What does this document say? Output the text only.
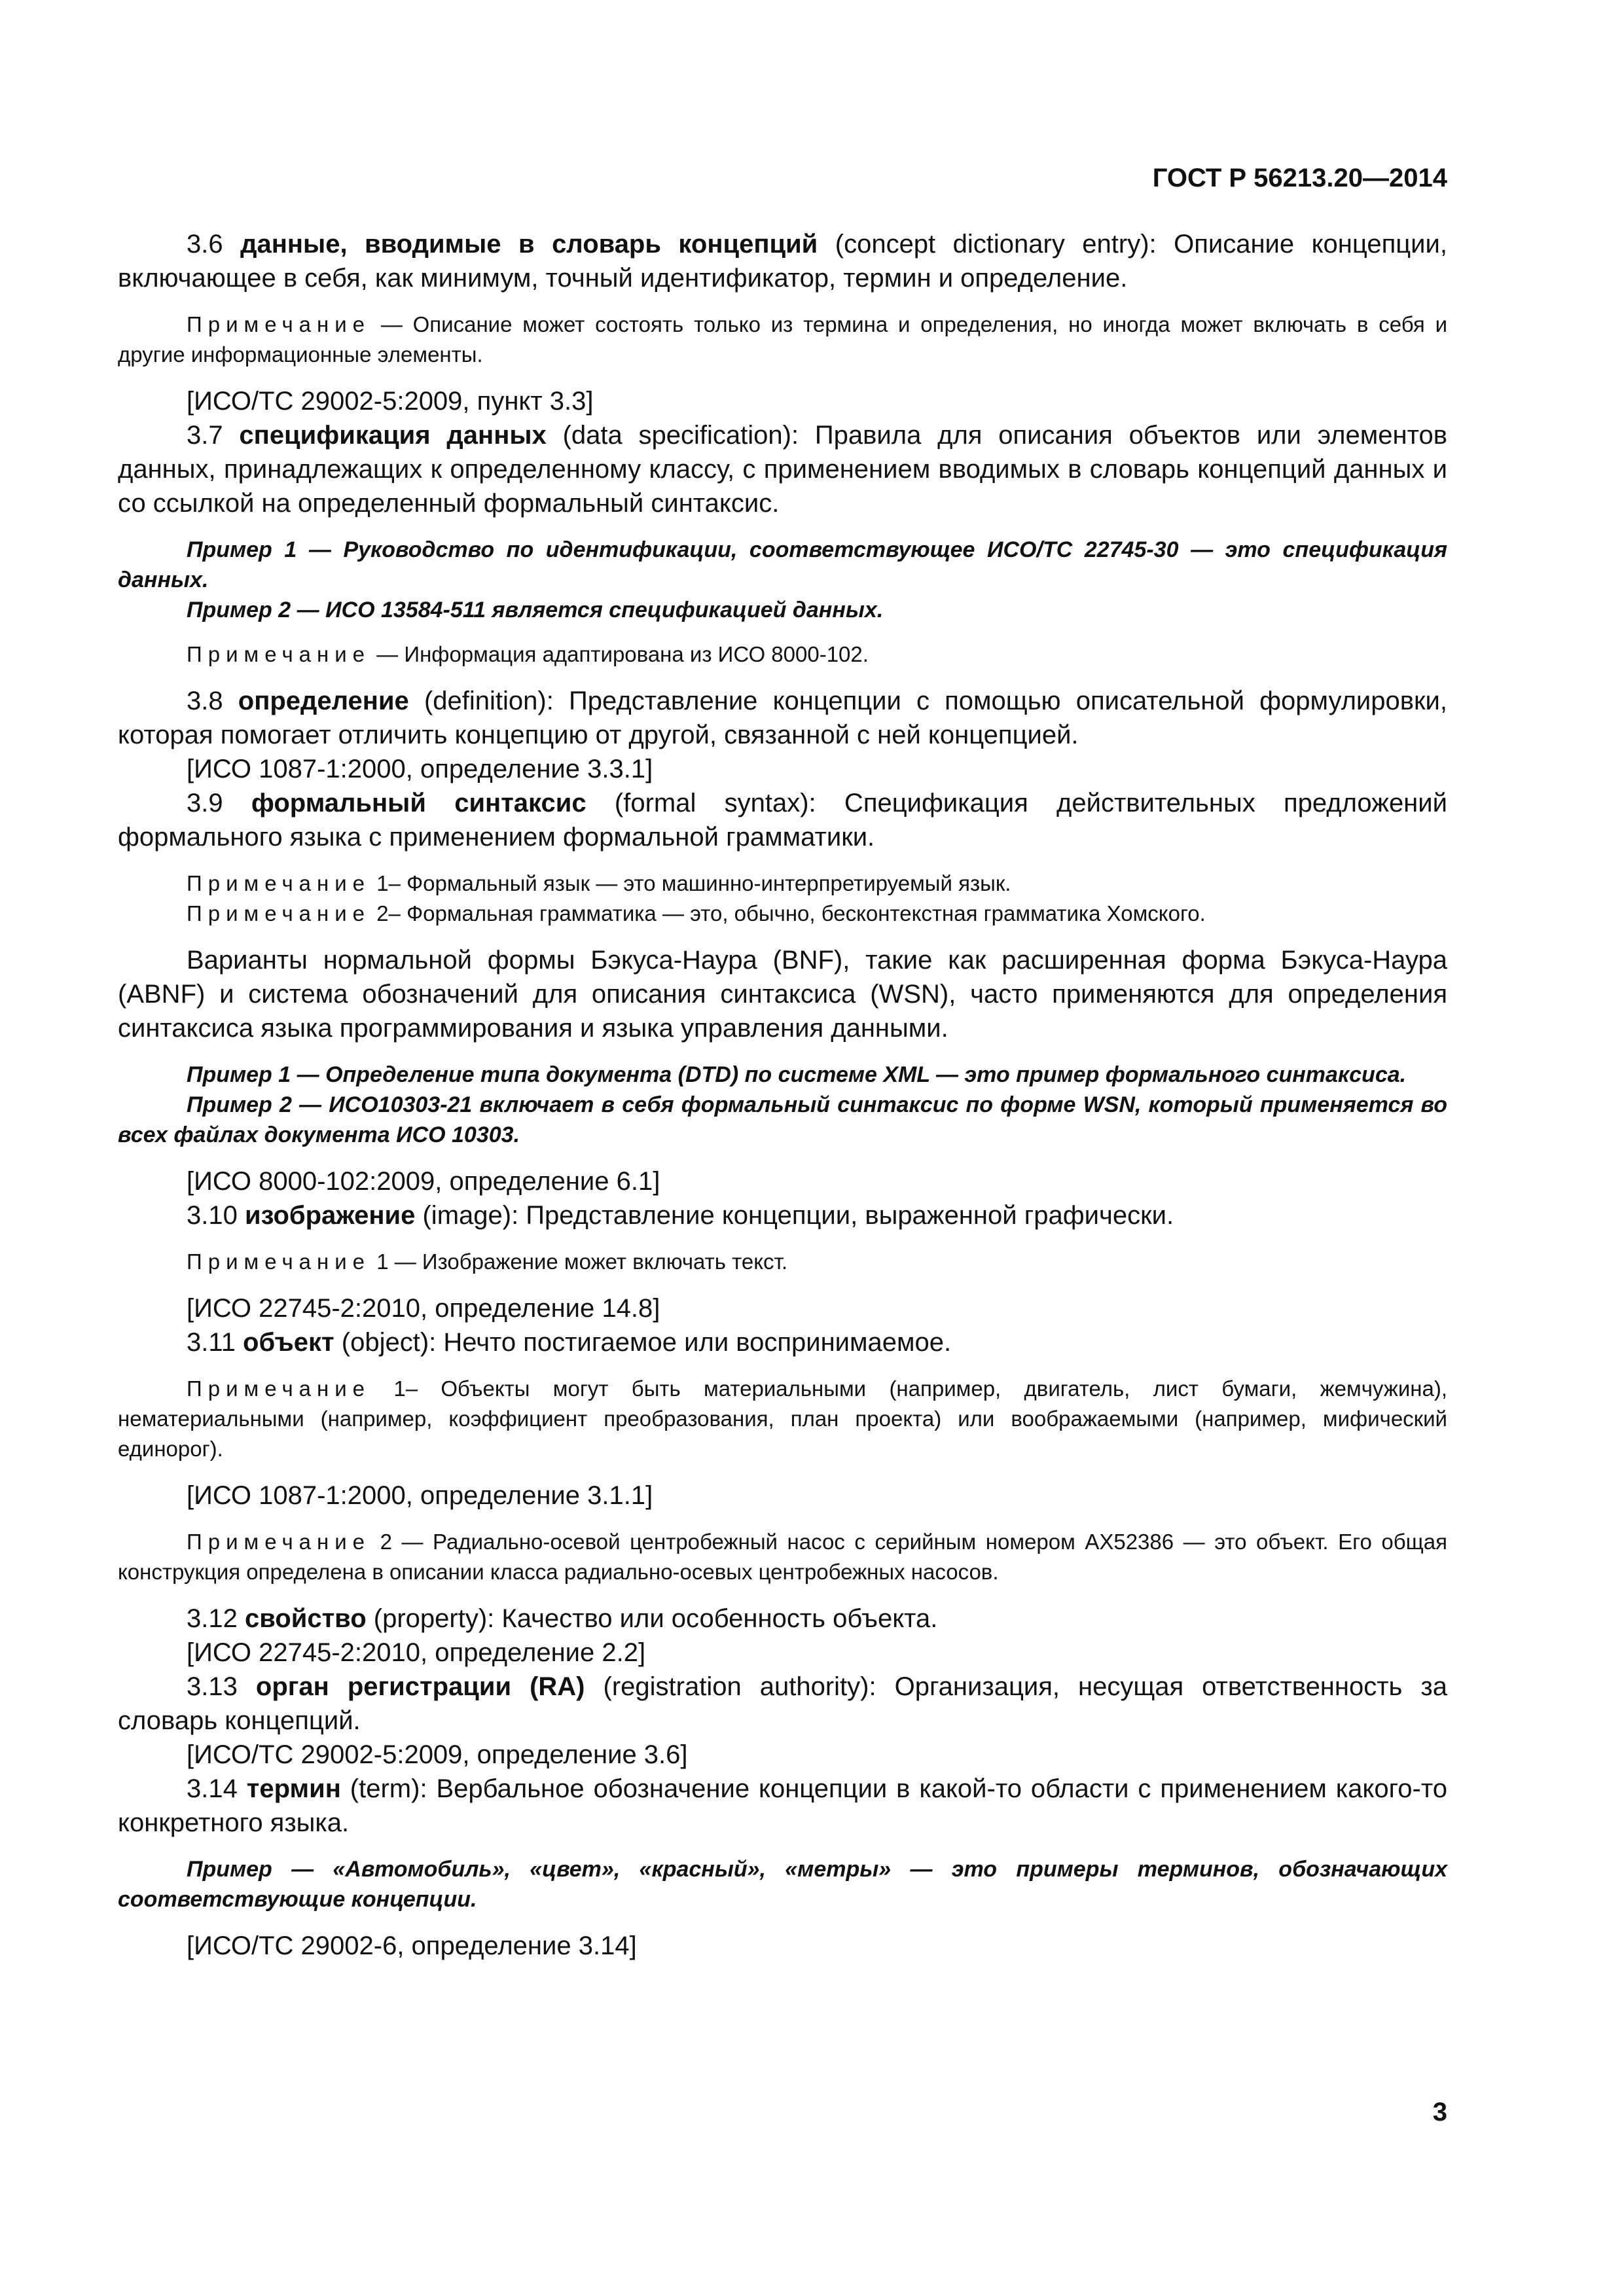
ГОСТ Р 56213.20—2014

3.6 данные, вводимые в словарь концепций (concept dictionary entry): Описание концепции, включающее в себя, как минимум, точный идентификатор, термин и определение.

Примечание — Описание может состоять только из термина и определения, но иногда может включать в себя и другие информационные элементы.

[ИСО/ТС 29002-5:2009, пункт 3.3]

3.7 спецификация данных (data specification): Правила для описания объектов или элементов данных, принадлежащих к определенному классу, с применением вводимых в словарь концепций данных и со ссылкой на определенный формальный синтаксис.

Пример 1 — Руководство по идентификации, соответствующее ИСО/ТС 22745-30 — это спецификация данных.

Пример 2 — ИСО 13584-511 является спецификацией данных.

Примечание — Информация адаптирована из ИСО 8000-102.

3.8 определение (definition): Представление концепции с помощью описательной формулировки, которая помогает отличить концепцию от другой, связанной с ней концепцией.

[ИСО 1087-1:2000, определение 3.3.1]

3.9 формальный синтаксис (formal syntax): Спецификация действительных предложений формального языка с применением формальной грамматики.

Примечание 1– Формальный язык — это машинно-интерпретируемый язык.

Примечание 2– Формальная грамматика — это, обычно, бесконтекстная грамматика Хомского.

Варианты нормальной формы Бэкуса-Наура (BNF), такие как расширенная форма Бэкуса-Наура (ABNF) и система обозначений для описания синтаксиса (WSN), часто применяются для определения синтаксиса языка программирования и языка управления данными.

Пример 1 — Определение типа документа (DTD) по системе XML — это пример формального синтаксиса.

Пример 2 — ИСО10303-21 включает в себя формальный синтаксис по форме WSN, который применяется во всех файлах документа ИСО 10303.

[ИСО 8000-102:2009, определение 6.1]

3.10 изображение (image): Представление концепции, выраженной графически.

Примечание 1 — Изображение может включать текст.

[ИСО 22745-2:2010, определение 14.8]

3.11 объект (object): Нечто постигаемое или воспринимаемое.

Примечание 1– Объекты могут быть материальными (например, двигатель, лист бумаги, жемчужина), нематериальными (например, коэффициент преобразования, план проекта) или воображаемыми (например, мифический единорог).

[ИСО 1087-1:2000, определение 3.1.1]

Примечание 2 — Радиально-осевой центробежный насос с серийным номером AX52386 — это объект. Его общая конструкция определена в описании класса радиально-осевых центробежных насосов.

3.12 свойство (property): Качество или особенность объекта.

[ИСО 22745-2:2010, определение 2.2]

3.13 орган регистрации (RA) (registration authority): Организация, несущая ответственность за словарь концепций.

[ИСО/ТС 29002-5:2009, определение 3.6]

3.14 термин (term): Вербальное обозначение концепции в какой-то области с применением какого-то конкретного языка.

Пример — «Автомобиль», «цвет», «красный», «метры» — это примеры терминов, обозначающих соответствующие концепции.

[ИСО/ТС 29002-6, определение 3.14]

3
